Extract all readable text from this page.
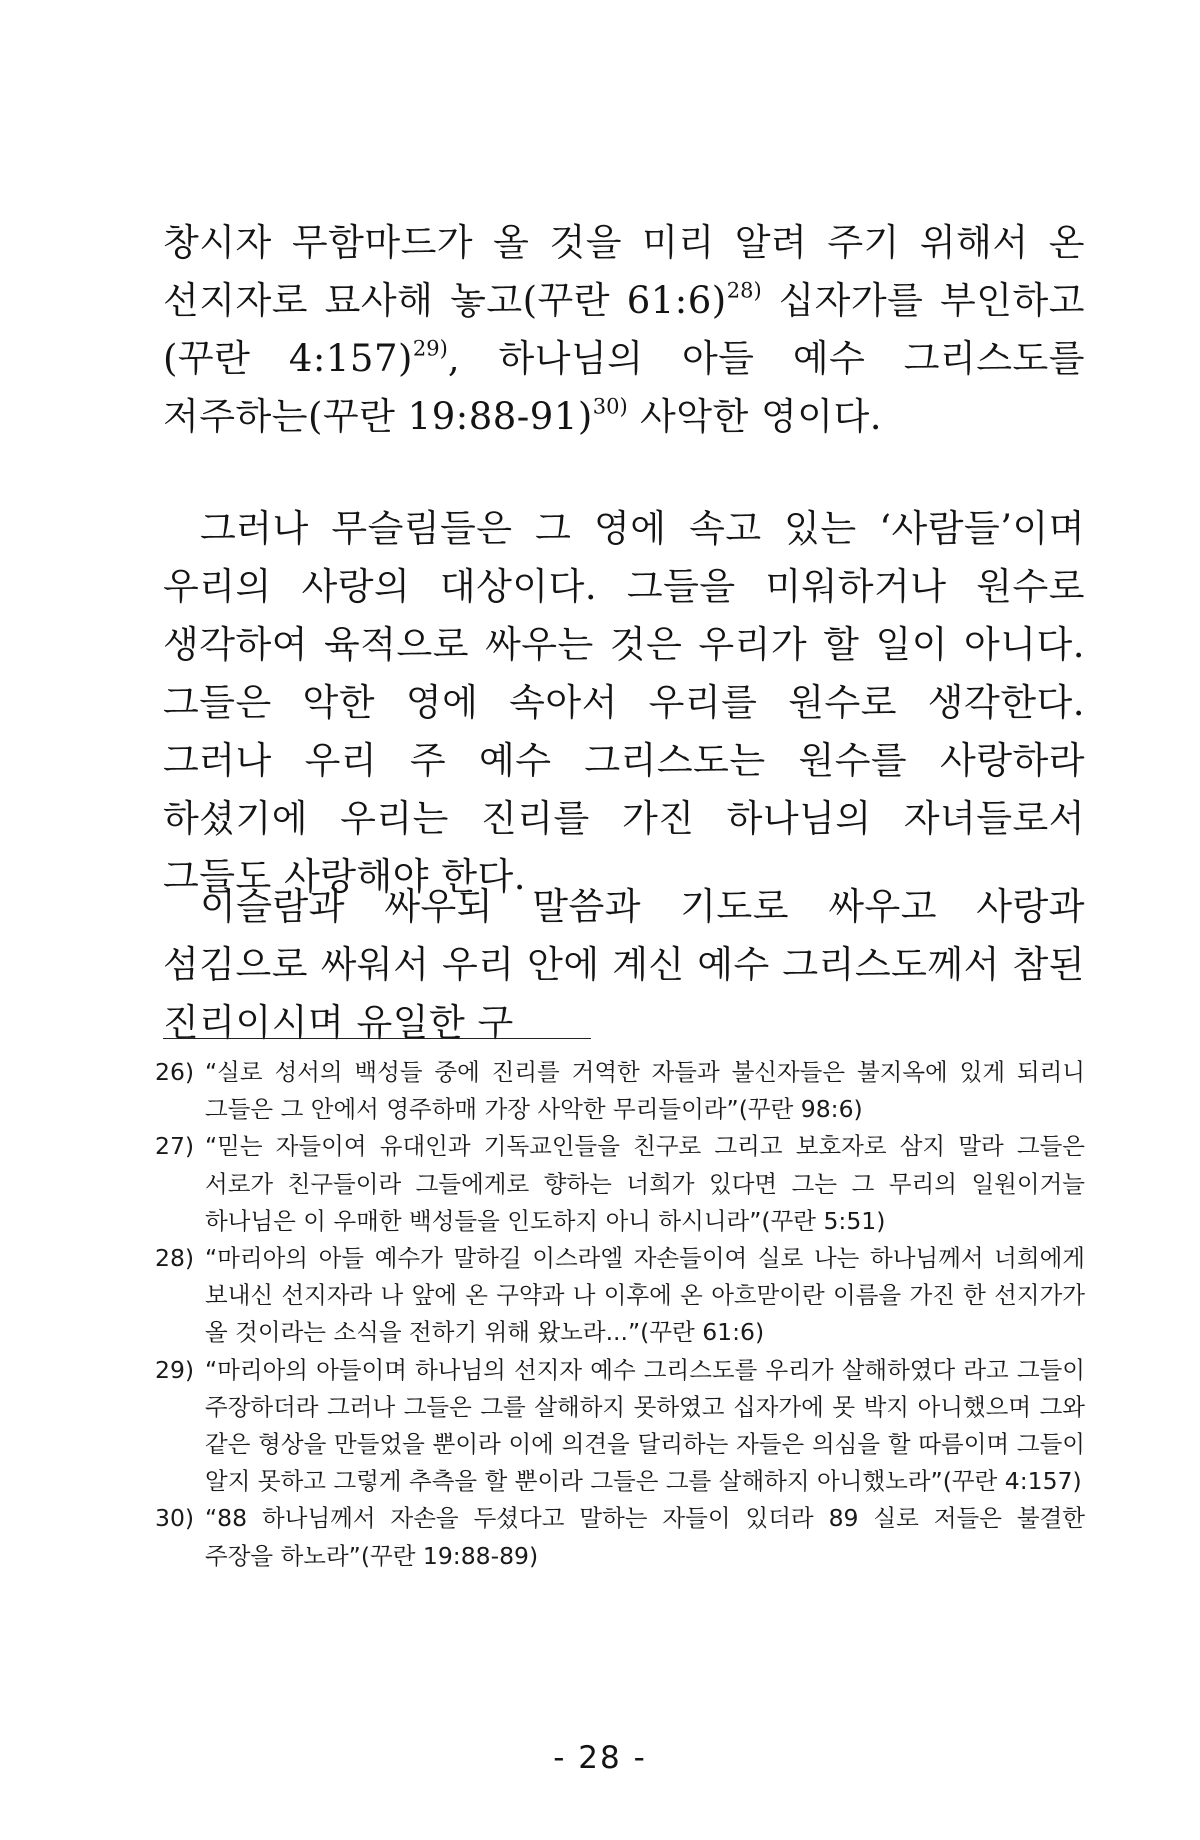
창시자 무함마드가 올 것을 미리 알려 주기 위해서 온 선지자로 묘사해 놓고(꾸란 61:6)$^{28)}$ 십자가를 부인하고(꾸란 4:157)$^{29)}$, 하나님의 아들 예수 그리스도를 저주하는(꾸란 19:88-91)$^{30)}$ 사악한 영이다.

그러나 무슬림들은 그 영에 속고 있는 ‘사람들’이며 우리의 사랑의 대상이다. 그들을 미워하거나 원수로 생각하여 육적으로 싸우는 것은 우리가 할 일이 아니다. 그들은 악한 영에 속아서 우리를 원수로 생각한다. 그러나 우리 주 예수 그리스도는 원수를 사랑하라 하셨기에 우리는 진리를 가진 하나님의 자녀들로서 그들도 사랑해야 한다.

이슬람과 싸우되 말씀과 기도로 싸우고 사랑과 섬김으로 싸워서 우리 안에 계신 예수 그리스도께서 참된 진리이시며 유일한 구

26) “실로 성서의 백성들 중에 진리를 거역한 자들과 불신자들은 불지옥에 있게 되리니 그들은 그 안에서 영주하매 가장 사악한 무리들이라”(꾸란 98:6)
27) “믿는 자들이여 유대인과 기독교인들을 친구로 그리고 보호자로 삼지 말라 그들은 서로가 친구들이라 그들에게로 향하는 너희가 있다면 그는 그 무리의 일원이거늘 하나님은 이 우매한 백성들을 인도하지 아니 하시니라”(꾸란 5:51)
28) “마리아의 아들 예수가 말하길 이스라엘 자손들이여 실로 나는 하나님께서 너희에게 보내신 선지자라 나 앞에 온 구약과 나 이후에 온 아흐맏이란 이름을 가진 한 선지가가 올 것이라는 소식을 전하기 위해 왔노라...”(꾸란 61:6)
29) “마리아의 아들이며 하나님의 선지자 예수 그리스도를 우리가 살해하였다 라고 그들이 주장하더라 그러나 그들은 그를 살해하지 못하였고 십자가에 못 박지 아니했으며 그와 같은 형상을 만들었을 뿐이라 이에 의견을 달리하는 자들은 의심을 할 따름이며 그들이 알지 못하고 그렇게 추측을 할 뿐이라 그들은 그를 살해하지 아니했노라”(꾸란 4:157)
30) “88 하나님께서 자손을 두셨다고 말하는 자들이 있더라 89 실로 저들은 불결한 주장을 하노라”(꾸란 19:88-89)
- 28 -
